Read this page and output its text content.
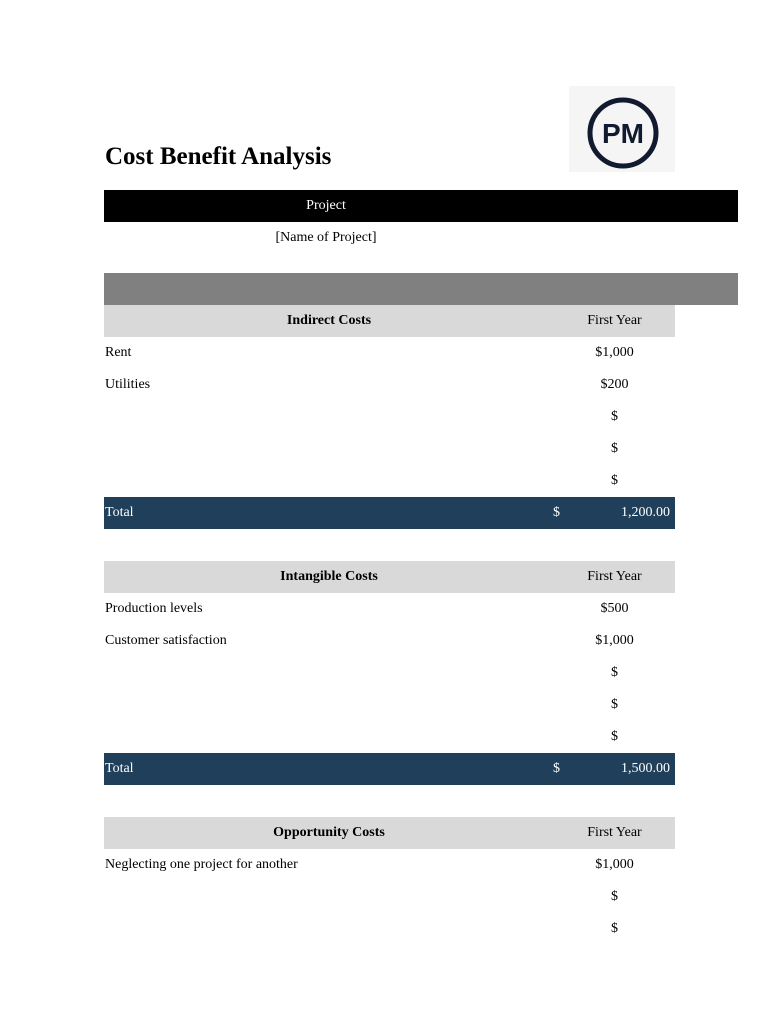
PM
Cost Benefit Analysis
Project
[Name of Project]
Indirect Costs	First Year
Rent	$1,000
Utilities	$200
$
$
$
Total	$	1,200.00
Intangible Costs	First Year
Production levels	$500
Customer satisfaction	$1,000
$
$
$
Total	$	1,500.00
Opportunity Costs	First Year
Neglecting one project for another	$1,000
$
$
